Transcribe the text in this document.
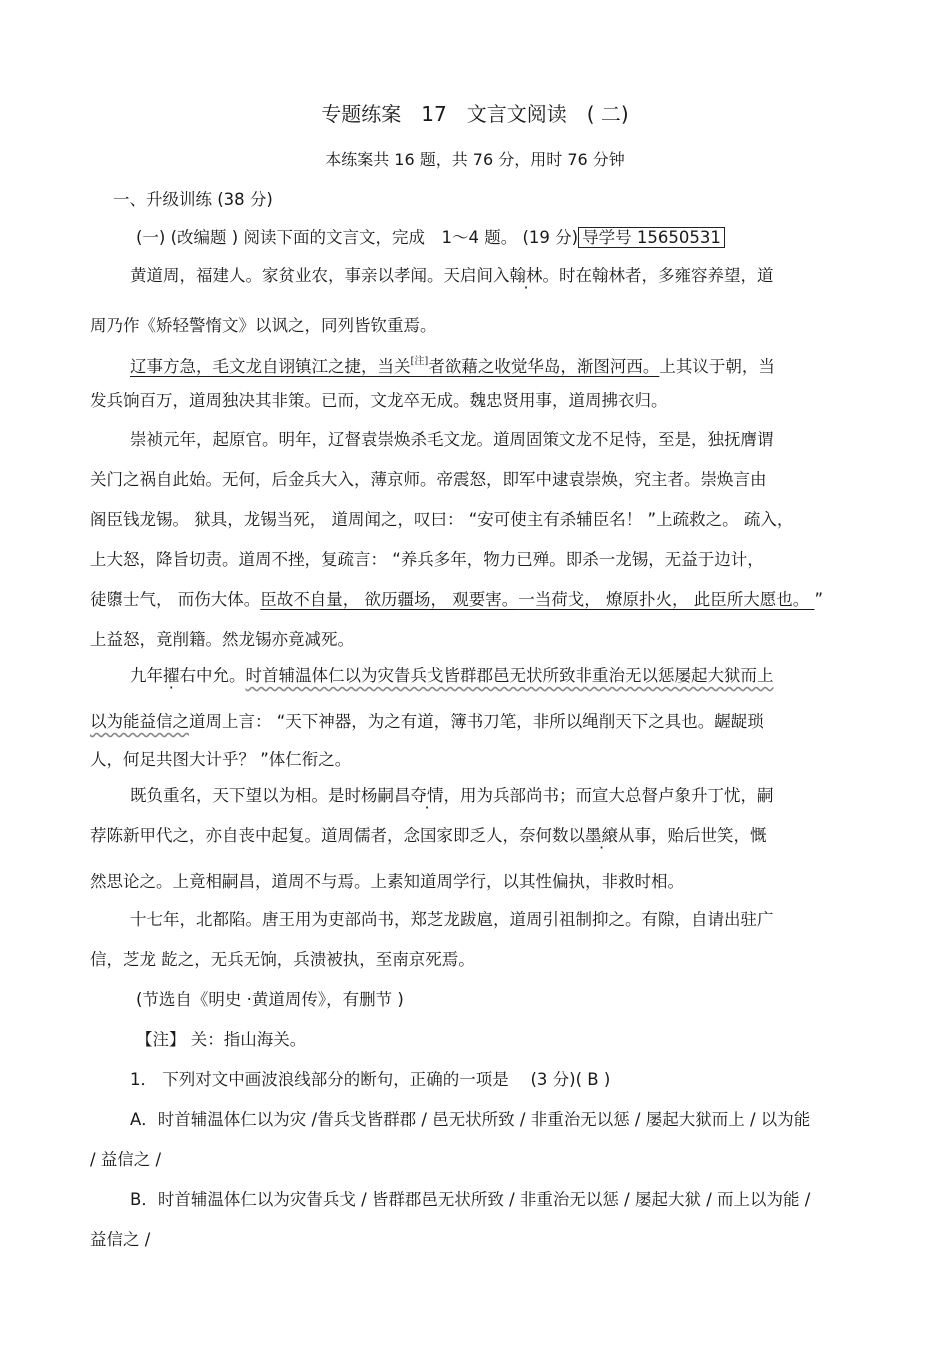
专题练案　17　文言文阅读　( 二)
本练案共 16 题，共 76 分，用时 76 分钟
一、升级训练 (38 分)
(一) (改编题 ) 阅读下面的文言文，完成　1～4 题。 (19 分) 导学号 15650531
黄道周，福建人。家贫业农，事亲以孝闻。天启间入翰林。时在翰林者，多雍容养望，道
周乃作《矫轻警惰文》以讽之，同列皆钦重焉。
辽事方急，毛文龙自诩镇江之捷，当关[注]者欲藉之收觉华岛，渐图河西。上其议于朝，当
发兵饷百万，道周独决其非策。已而，文龙卒无成。魏忠贤用事，道周拂衣归。
崇祯元年，起原官。明年，辽督袁崇焕杀毛文龙。道周固策文龙不足恃，至是，独抚膺谓
关门之祸自此始。无何，后金兵大入，薄京师。帝震怒，即军中逮袁崇焕，究主者。崇焕言由
阁臣钱龙锡。 狱具，龙锡当死， 道周闻之，叹曰： “安可使主有杀辅臣名！ ”上疏救之。 疏入，
上大怒，降旨切责。道周不挫，复疏言： “养兵多年，物力已殚。即杀一龙锡，无益于边计，
徒隳士气， 而伤大体。臣故不自量， 欲历疆场， 观要害。一当荷戈， 燎原扑火， 此臣所大愿也。 ”
上益怒，竟削籍。然龙锡亦竟减死。
九年擢右中允。时首辅温体仁以为灾眚兵戈皆群郡邑无状所致非重治无以惩屡起大狱而上
以为能益信之道周上言： “天下神器，为之有道，簿书刀笔，非所以绳削天下之具也。龌龊琐
人，何足共图大计乎？ ”体仁衔之。
既负重名，天下望以为相。是时杨嗣昌夺情，用为兵部尚书；而宣大总督卢象升丁忧，嗣
荐陈新甲代之，亦自丧中起复。道周儒者，念国家即乏人，奈何数以墨縗从事，贻后世笑，慨
然思论之。上竟相嗣昌，道周不与焉。上素知道周学行，以其性偏执，非救时相。
十七年，北都陷。唐王用为吏部尚书，郑芝龙跋扈，道周引祖制抑之。有隙，自请出驻广
信，芝龙 龁之，无兵无饷，兵溃被执，至南京死焉。
(节选自《明史 ·黄道周传》，有删节 )
【注】 关：指山海关。
1． 下列对文中画波浪线部分的断句，正确的一项是　 (3 分)( B )
A．时首辅温体仁以为灾 /眚兵戈皆群郡 / 邑无状所致 / 非重治无以惩 / 屡起大狱而上 / 以为能
/ 益信之 /
B．时首辅温体仁以为灾眚兵戈 / 皆群郡邑无状所致 / 非重治无以惩 / 屡起大狱 / 而上以为能 /
益信之 /
